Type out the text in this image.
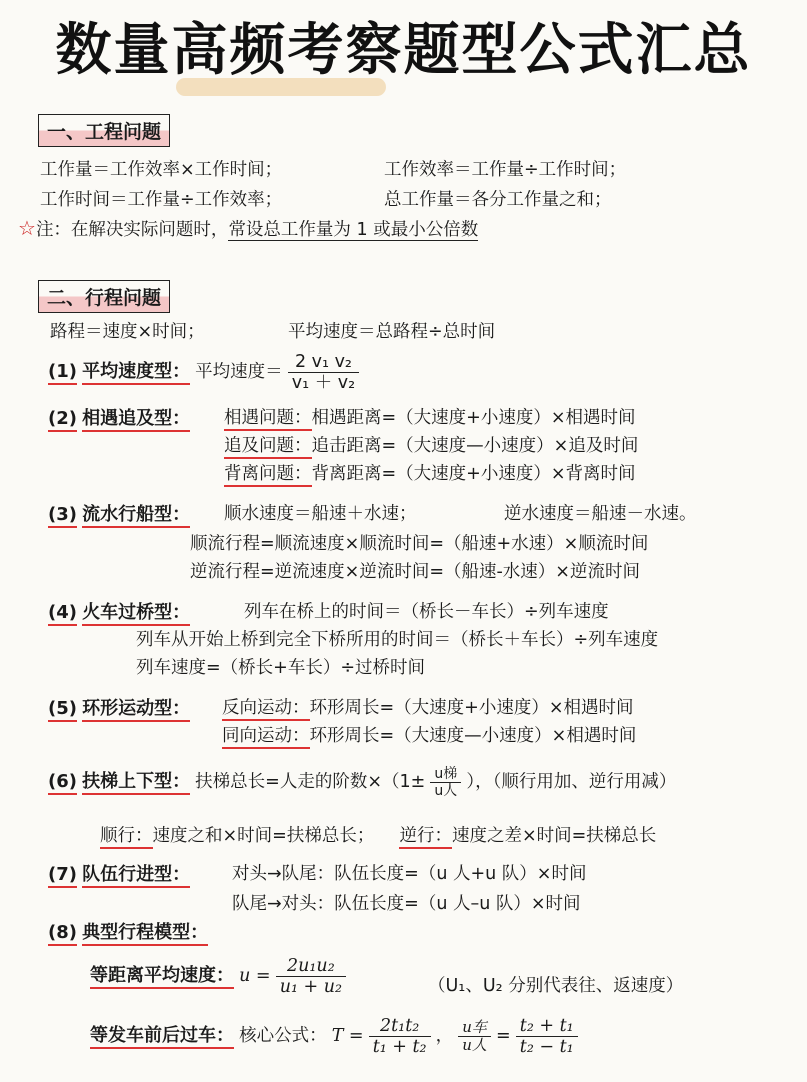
数量高频考察题型公式汇总
一、工程问题
工作量＝工作效率×工作时间；	工作效率＝工作量÷工作时间；
工作时间＝工作量÷工作效率；	总工作量＝各分工作量之和；
☆注：在解决实际问题时，常设总工作量为 1 或最小公倍数
二、行程问题
路程＝速度×时间；	平均速度＝总路程÷总时间
(1) 平均速度型： 平均速度＝ $\frac{\text{2 v₁ v₂}}{\text{v₁ ＋ v₂}}$
(2) 相遇追及型： 相遇问题：相遇距离=（大速度+小速度）×相遇时间
追及问题：追击距离=（大速度—小速度）×追及时间
背离问题：背离距离=（大速度+小速度）×背离时间
(3) 流水行船型： 顺水速度＝船速＋水速；	逆水速度＝船速－水速。
顺流行程=顺流速度×顺流时间=（船速+水速）×顺流时间
逆流行程=逆流速度×逆流时间=（船速-水速）×逆流时间
(4) 火车过桥型：	列车在桥上的时间＝（桥长－车长）÷列车速度
列车从开始上桥到完全下桥所用的时间＝（桥长＋车长）÷列车速度
列车速度=（桥长+车长）÷过桥时间
(5) 环形运动型： 反向运动：环形周长=（大速度+小速度）×相遇时间
同向运动：环形周长=（大速度—小速度）×相遇时间
(6) 扶梯上下型： 扶梯总长=人走的阶数$\times(1\pm \frac{\text{u梯}}{\text{u人}}$ ），（顺行用加、逆行用减）
顺行：速度之和×时间=扶梯总长； 逆行：速度之差×时间=扶梯总长
(7) 队伍行进型： 对头→队尾：队伍长度=（u 人+u 队）×时间
队尾→对头：队伍长度=（u 人–u 队）×时间
(8) 典型行程模型：
等距离平均速度： $u = \frac{\text{2u₁u₂}}{\text{u₁ + u₂}}$	（U₁、U₂ 分别代表往、返速度）
等发车前后过车： 核心公式： $T = \frac{\text{2t₁t₂}}{\text{t₁ + t₂}}$ ， $\frac{\text{u车}}{\text{u人}} = \frac{\text{t₂ + t₁}}{\text{t₂ − t₁}}$
